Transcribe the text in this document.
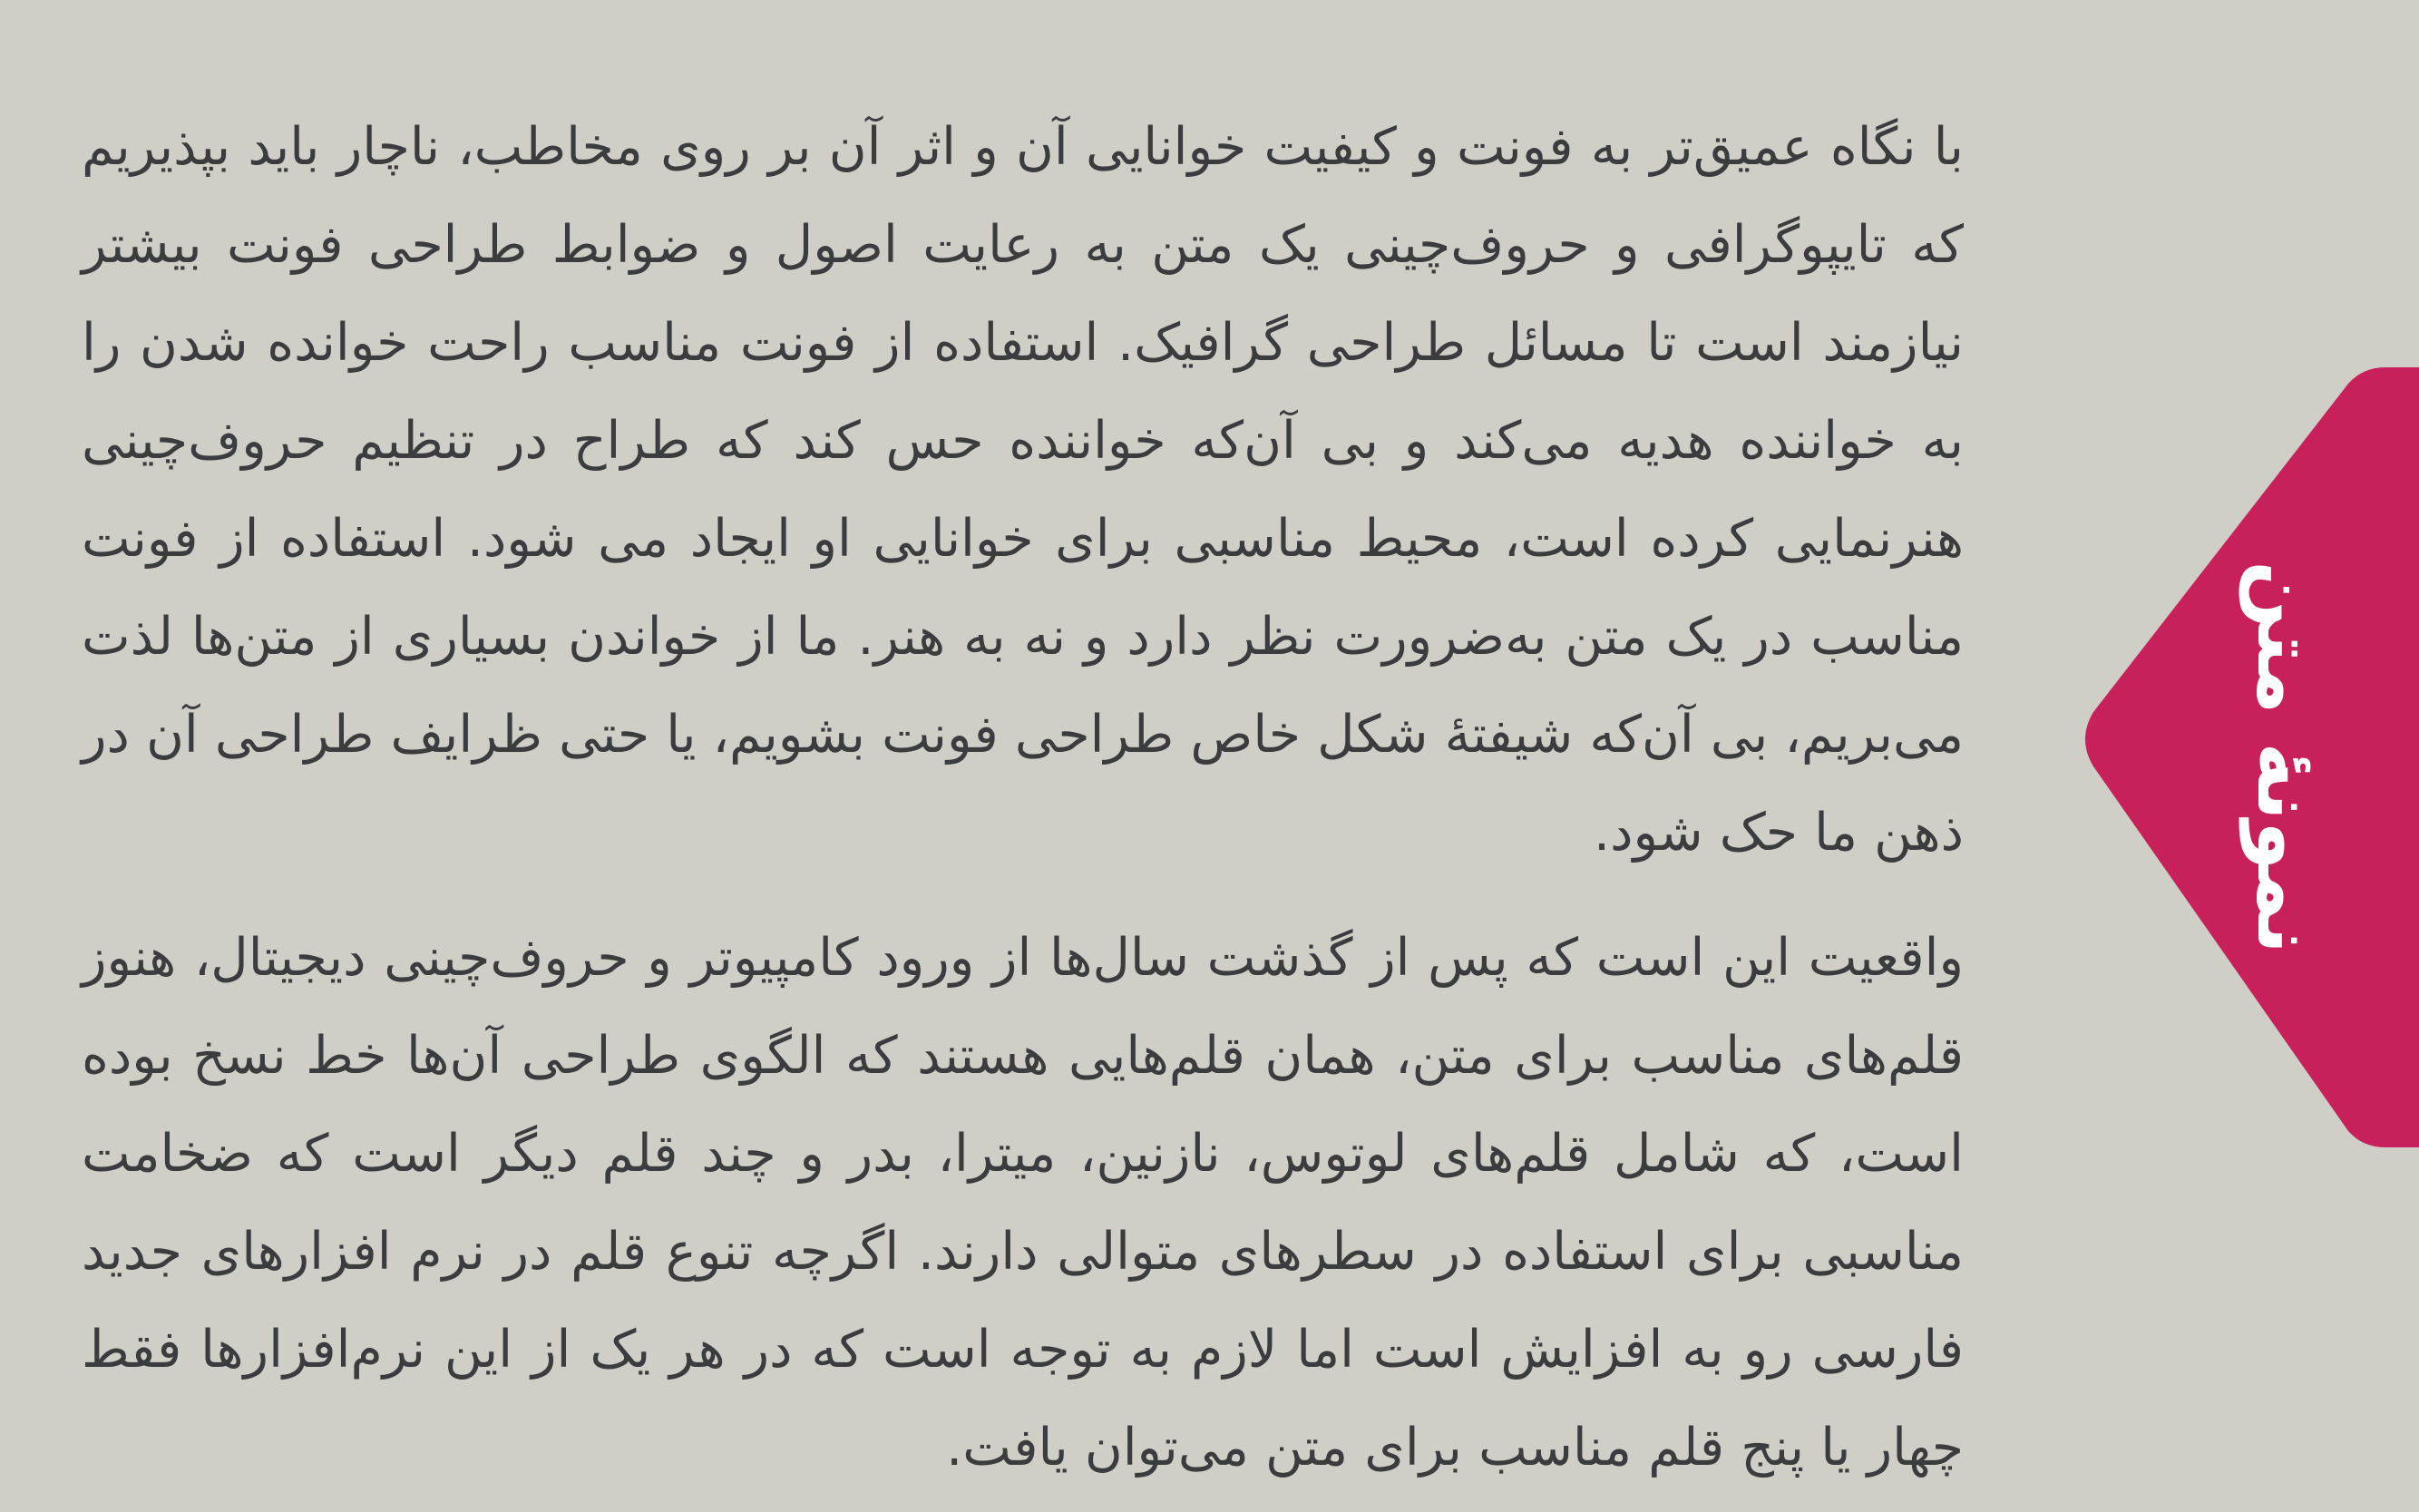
با نگاه عمیق‌تر به فونت و کیفیت خوانایی آن و اثر آن بر روی مخاطب، ناچار باید بپذیریم که تایپوگرافی و حروف‌چینی یک متن به رعایت اصول و ضوابط طراحی فونت بیشتر نیازمند است تا مسائل طراحی گرافیک. استفاده از فونت مناسب راحت خوانده شدن را به خواننده هدیه می‌کند و بی آن‌که خواننده حس کند که طراح در تنظیم حروف‌چینی هنرنمایی کرده است، محیط مناسبی برای خوانایی او ایجاد می شود. استفاده از فونت مناسب در یک متن به‌ضرورت نظر دارد و نه به هنر. ما از خواندن بسیاری از متن‌ها لذت می‌بریم، بی آن‌که شیفتهٔ شکل خاص طراحی فونت بشویم، یا حتی ظرایف طراحی آن در ذهن ما حک شود.

واقعیت این است که پس از گذشت سال‌ها از ورود کامپیوتر و حروف‌چینی دیجیتال، هنوز قلم‌های مناسب برای متن، همان قلم‌هایی هستند که الگوی طراحی آن‌ها خط نسخ بوده است، که شامل قلم‌های لوتوس، نازنین، میترا، بدر و چند قلم دیگر است که ضخامت مناسبی برای استفاده در سطرهای متوالی دارند. اگرچه تنوع قلم در نرم افزارهای جدید فارسی رو به افزایش است اما لازم به توجه است که در هر یک از این نرم‌افزارها فقط چهار یا پنج قلم مناسب برای متن می‌توان یافت.

نمونهٔ متن
